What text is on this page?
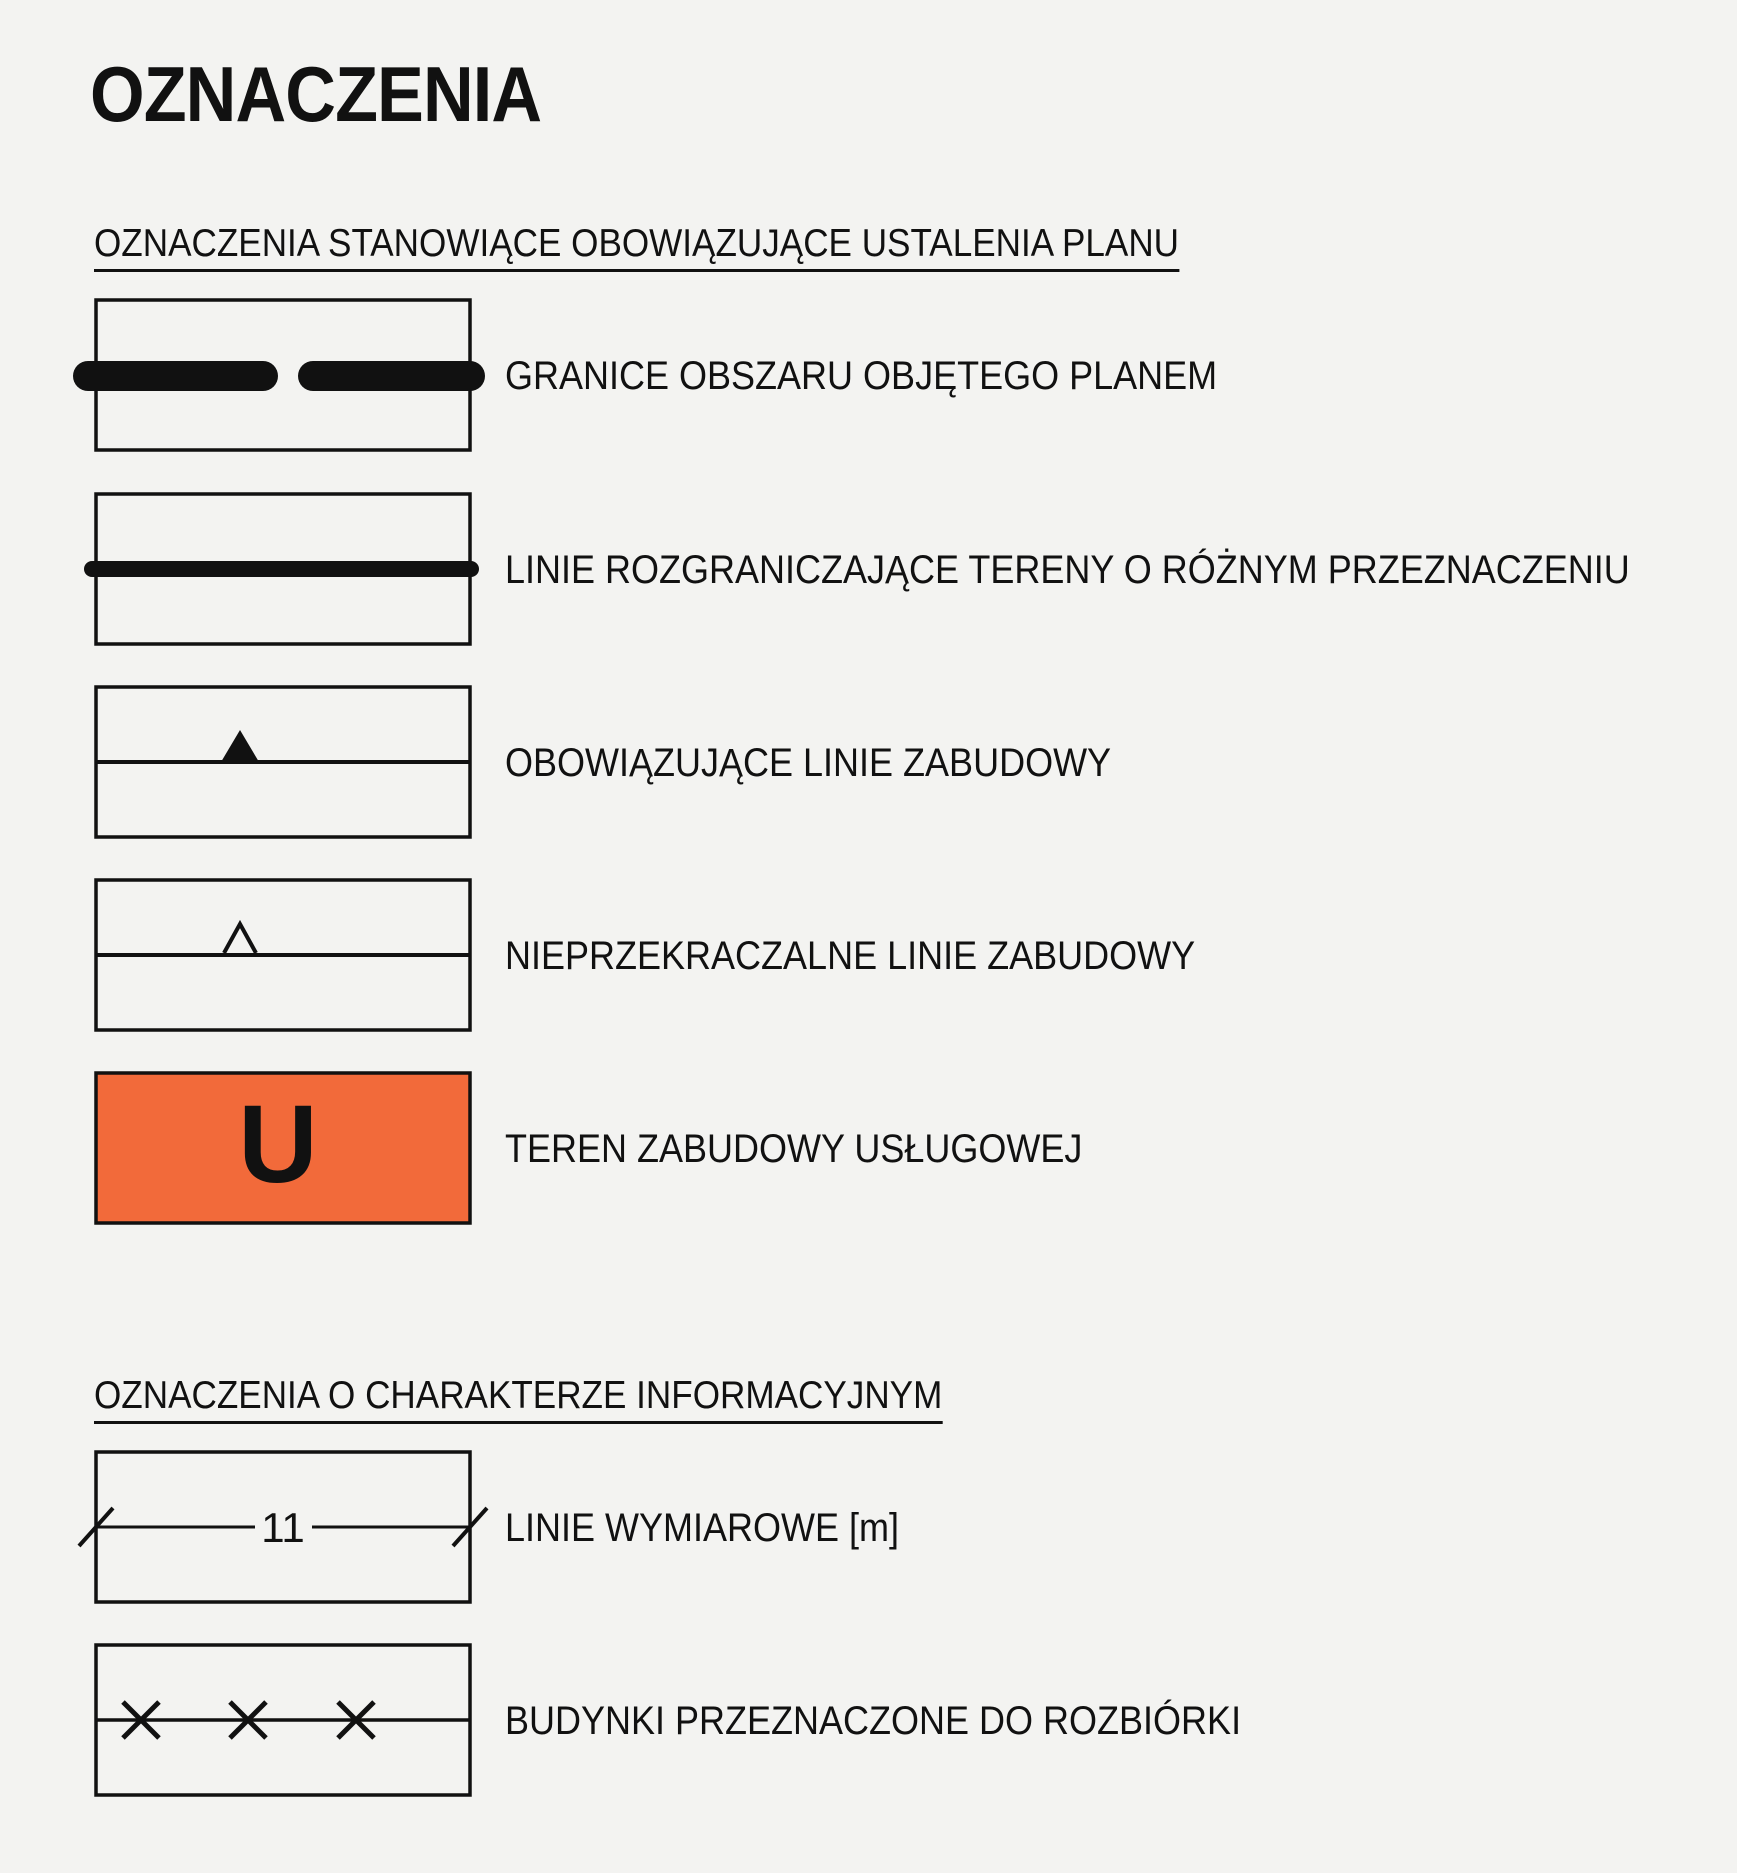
OZNACZENIA
OZNACZENIA STANOWIĄCE OBOWIĄZUJĄCE USTALENIA PLANU
GRANICE OBSZARU OBJĘTEGO PLANEM
LINIE ROZGRANICZAJĄCE TERENY O RÓŻNYM PRZEZNACZENIU
OBOWIĄZUJĄCE LINIE ZABUDOWY
NIEPRZEKRACZALNE LINIE ZABUDOWY
U	TEREN ZABUDOWY USŁUGOWEJ
OZNACZENIA O CHARAKTERZE INFORMACYJNYM
11	LINIE WYMIAROWE [m]
BUDYNKI PRZEZNACZONE DO ROZBIÓRKI
